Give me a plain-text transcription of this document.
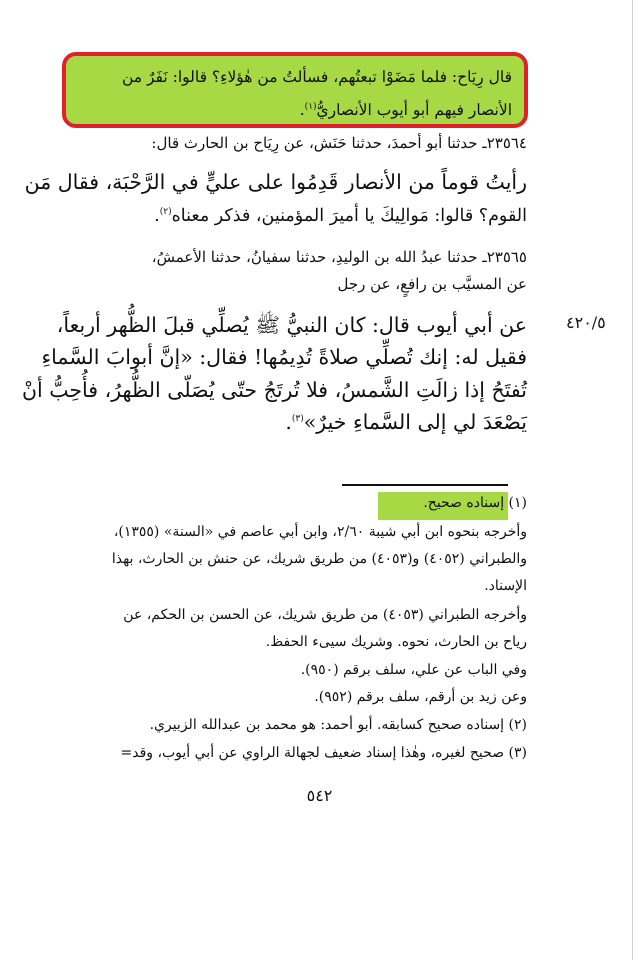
قال رِيَاح: فلما مَضَوْا تبعتُهم، فسألتُ من هٰؤلاءِ؟ قالوا: نَفَرٌ من
الأنصار فيهم أبو أيوب الأنصاريُّ$^{(١)}$.
٢٣٥٦٤ـ حدثنا أبو أحمدَ، حدثنا حَنَش، عن رِيَاح بن الحارث قال:
رأيتُ قوماً من الأنصار قَدِمُوا على عليٍّ في الرَّحْبَة، فقال مَن
القوم؟ قالوا: مَوالِيكَ يا أميرَ المؤمنين، فذكر معناه$^{(٢)}$.
٢٣٥٦٥ـ حدثنا عبدُ الله بن الوليدِ، حدثنا سفيانُ، حدثنا الأعمشُ،
عن المسيَّب بن رافعٍ، عن رجل
٤٢٠/٥
عن أبي أيوب قال: كان النبيُّ ﷺ يُصلِّي قبلَ الظُّهر أربعاً،
فقيل له: إنك تُصلِّي صلاةً تُدِيمُها! فقال: «إنَّ أبوابَ السَّماءِ
تُفتَحُ إذا زالَتِ الشَّمسُ، فلا تُرتَجُ حتّى يُصَلّى الظُّهرُ، فأُحِبُّ أنْ
يَصْعَدَ لي إلى السَّماءِ خيرٌ»$^{(٣)}$.
(١) إسناده صحيح.
وأخرجه بنحوه ابن أبي شيبة ٢/٦٠، وابن أبي عاصم في «السنة» (١٣٥٥)،
والطبراني (٤٠٥٢) و(٤٠٥٣) من طريق شريك، عن حنش بن الحارث، بهذا
الإسناد.
وأخرجه الطبراني (٤٠٥٣) من طريق شريك، عن الحسن بن الحكم، عن
رياح بن الحارث، نحوه. وشريك سيىء الحفظ.
وفي الباب عن علي، سلف برقم (٩٥٠).
وعن زيد بن أرقم، سلف برقم (٩٥٢).
(٢) إسناده صحيح كسابقه. أبو أحمد: هو محمد بن عبدالله الزبيري.
(٣) صحيح لغيره، وهٰذا إسناد ضعيف لجهالة الراوي عن أبي أيوب، وقد=
٥٤٢
